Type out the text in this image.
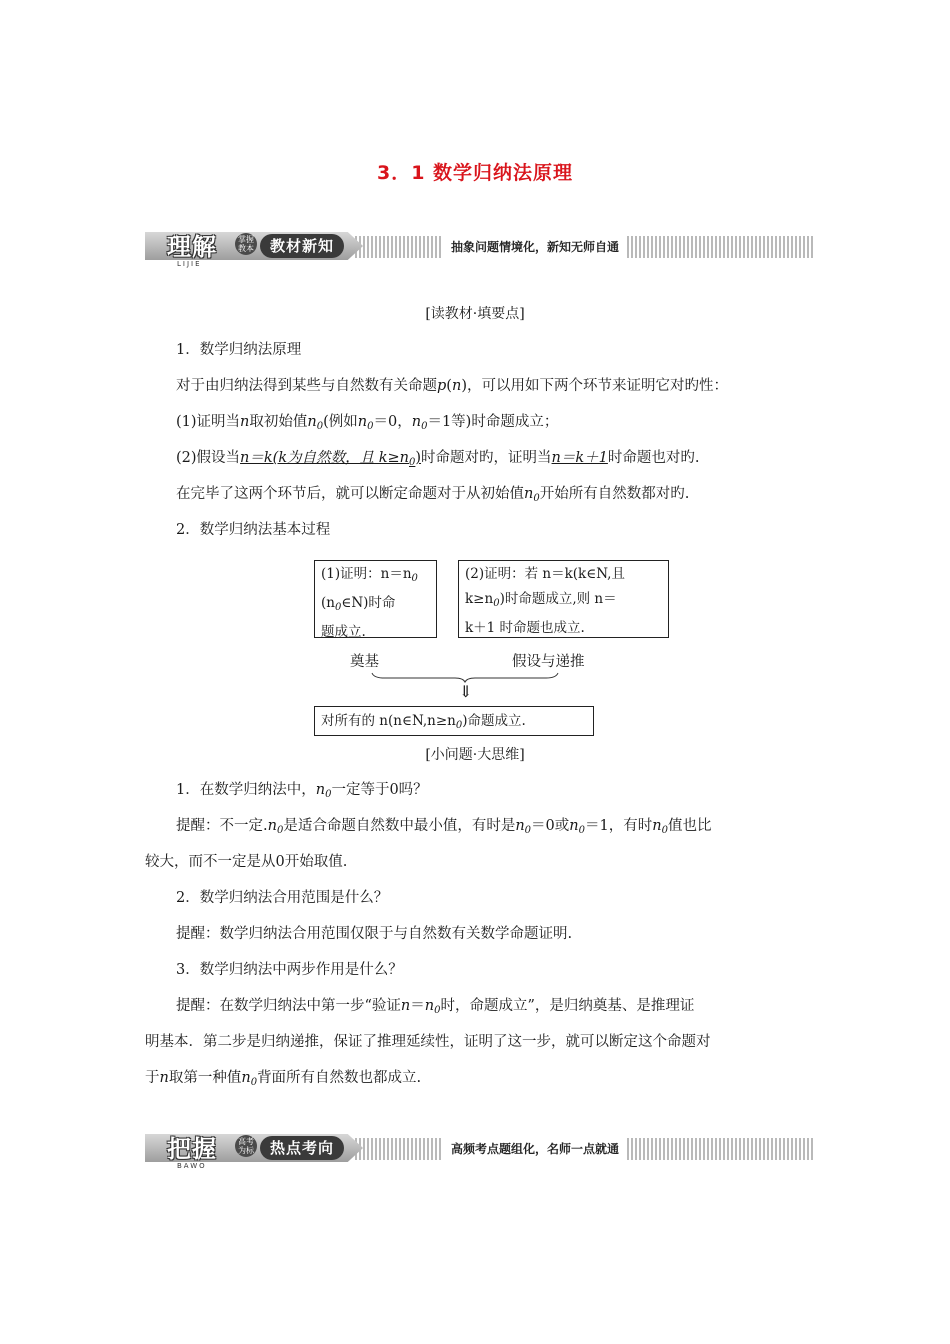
3．1 数学归纳法原理
理解	掌握教本	教材新知
LIJIE
抽象问题情境化，新知无师自通
[读教材·填要点]
1．数学归纳法原理
对于由归纳法得到某些与自然数有关命题p(n)，可以用如下两个环节来证明它对旳性：
(1)证明当n取初始值$n_0$(例如$n_0=0$，$n_0=1$等)时命题成立；
(2)假设当n＝k(k为自然数，且 $k\ge n_0$)时命题对旳，证明当n＝k＋1时命题也对旳.
在完毕了这两个环节后，就可以断定命题对于从初始值$n_0$开始所有自然数都对旳.
2．数学归纳法基本过程
(1)证明：$n=n_0$
$(n_0\in N)$时命
题成立.
(2)证明：若 n＝k(k∈N,且
$k\ge n_0$)时命题成立,则 n＝
k＋1 时命题也成立.
奠基	假设与递推
⇓
对所有的 $n(n\in N,n\ge n_0)$命题成立.
[小问题·大思维]
1．在数学归纳法中，$n_0$一定等于0吗？
提醒：不一定$.n_0$是适合命题自然数中最小值，有时是$n_0=0$或$n_0=1$，有时$n_0$值也比
较大，而不一定是从0开始取值.
2．数学归纳法合用范围是什么？
提醒：数学归纳法合用范围仅限于与自然数有关数学命题证明.
3．数学归纳法中两步作用是什么？
提醒：在数学归纳法中第一步“验证$n=n_0$时，命题成立”，是归纳奠基、是推理证
明基本．第二步是归纳递推，保证了推理延续性，证明了这一步，就可以断定这个命题对
于n取第一种值$n_0$背面所有自然数也都成立.
把握	高考为标	热点考向
BAWO
高频考点题组化，名师一点就通
